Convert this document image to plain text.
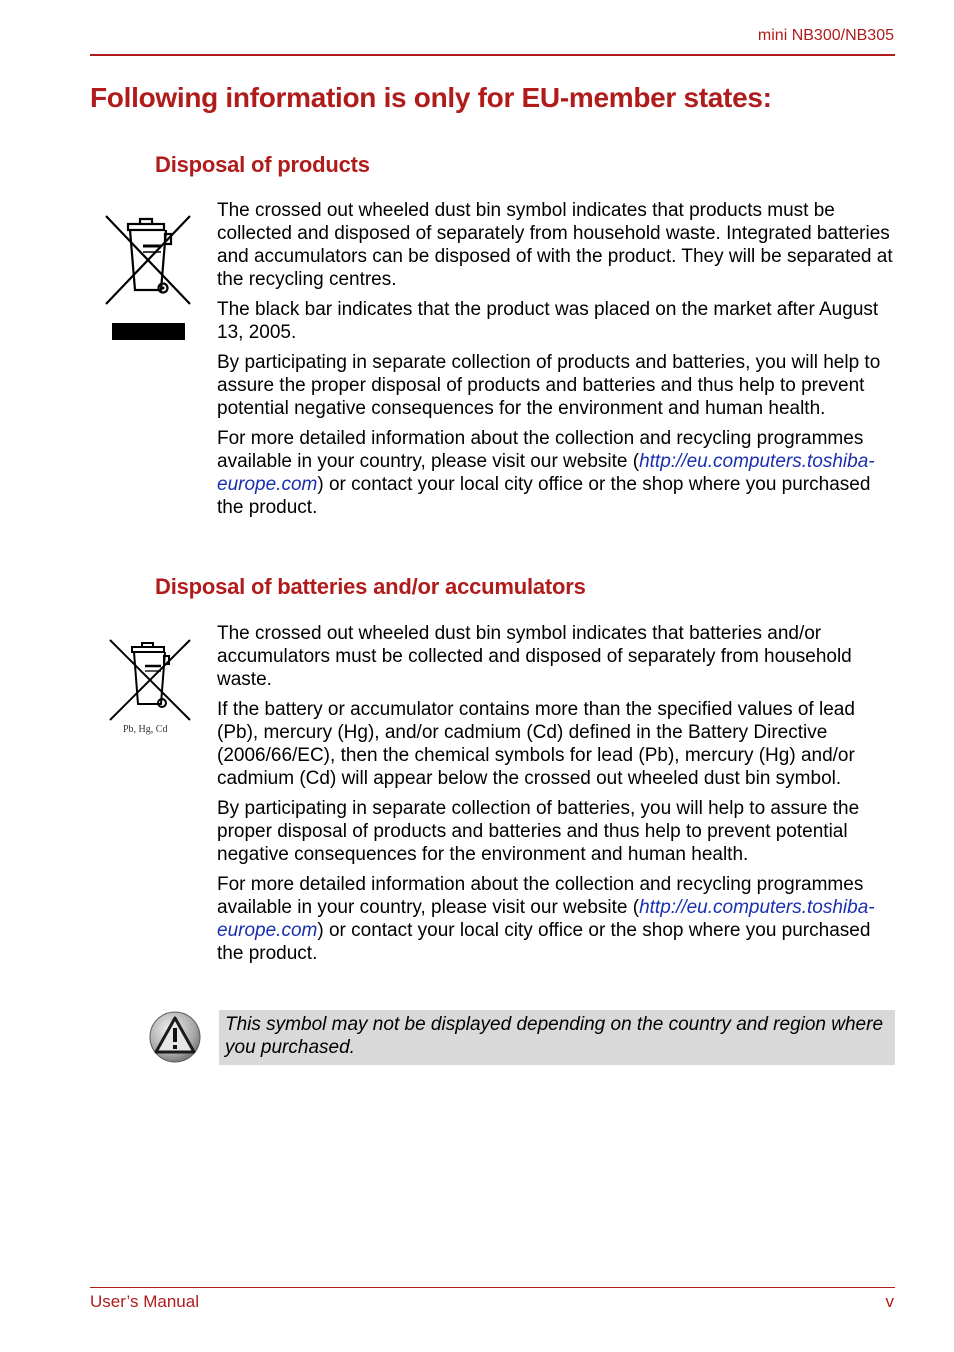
mini NB300/NB305
Following information is only for EU-member states:
Disposal of products

The crossed out wheeled dust bin symbol indicates that products must be collected and disposed of separately from household waste. Integrated batteries and accumulators can be disposed of with the product. They will be separated at the recycling centres.

The black bar indicates that the product was placed on the market after August 13, 2005.

By participating in separate collection of products and batteries, you will help to assure the proper disposal of products and batteries and thus help to prevent potential negative consequences for the environment and human health.

For more detailed information about the collection and recycling programmes available in your country, please visit our website (http://eu.computers.toshiba-europe.com) or contact your local city office or the shop where you purchased the product.

Disposal of batteries and/or accumulators
Pb, Hg, Cd

The crossed out wheeled dust bin symbol indicates that batteries and/or accumulators must be collected and disposed of separately from household waste.

If the battery or accumulator contains more than the specified values of lead (Pb), mercury (Hg), and/or cadmium (Cd) defined in the Battery Directive (2006/66/EC), then the chemical symbols for lead (Pb), mercury (Hg) and/or cadmium (Cd) will appear below the crossed out wheeled dust bin symbol.

By participating in separate collection of batteries, you will help to assure the proper disposal of products and batteries and thus help to prevent potential negative consequences for the environment and human health.

For more detailed information about the collection and recycling programmes available in your country, please visit our website (http://eu.computers.toshiba-europe.com) or contact your local city office or the shop where you purchased the product.

This symbol may not be displayed depending on the country and region where you purchased.
User’s Manual	v
